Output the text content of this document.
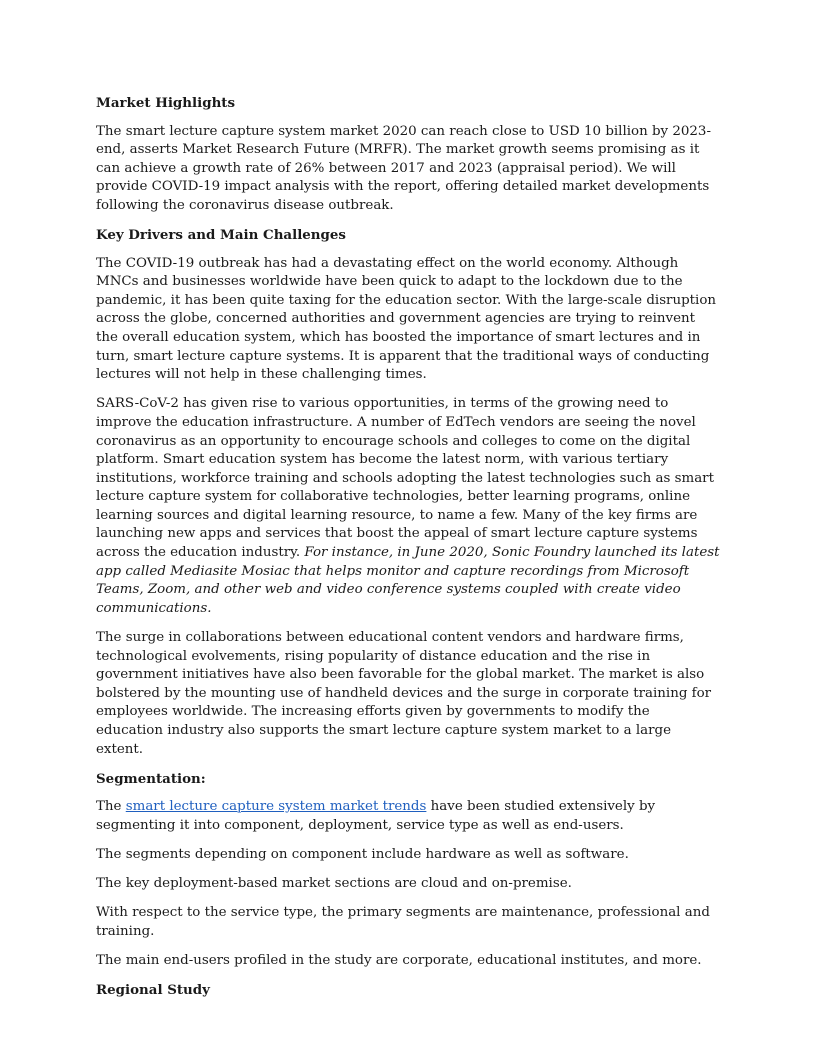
Market Highlights

The smart lecture capture system market 2020 can reach close to USD 10 billion by 2023-end, asserts Market Research Future (MRFR). The market growth seems promising as it can achieve a growth rate of 26% between 2017 and 2023 (appraisal period). We will provide COVID-19 impact analysis with the report, offering detailed market developments following the coronavirus disease outbreak.

Key Drivers and Main Challenges

The COVID-19 outbreak has had a devastating effect on the world economy. Although MNCs and businesses worldwide have been quick to adapt to the lockdown due to the pandemic, it has been quite taxing for the education sector. With the large-scale disruption across the globe, concerned authorities and government agencies are trying to reinvent the overall education system, which has boosted the importance of smart lectures and in turn, smart lecture capture systems. It is apparent that the traditional ways of conducting lectures will not help in these challenging times.

SARS-CoV-2 has given rise to various opportunities, in terms of the growing need to improve the education infrastructure. A number of EdTech vendors are seeing the novel coronavirus as an opportunity to encourage schools and colleges to come on the digital platform. Smart education system has become the latest norm, with various tertiary institutions, workforce training and schools adopting the latest technologies such as smart lecture capture system for collaborative technologies, better learning programs, online learning sources and digital learning resource, to name a few. Many of the key firms are launching new apps and services that boost the appeal of smart lecture capture systems across the education industry. For instance, in June 2020, Sonic Foundry launched its latest app called Mediasite Mosiac that helps monitor and capture recordings from Microsoft Teams, Zoom, and other web and video conference systems coupled with create video communications.

The surge in collaborations between educational content vendors and hardware firms, technological evolvements, rising popularity of distance education and the rise in government initiatives have also been favorable for the global market. The market is also bolstered by the mounting use of handheld devices and the surge in corporate training for employees worldwide. The increasing efforts given by governments to modify the education industry also supports the smart lecture capture system market to a large extent.

Segmentation:

The smart lecture capture system market trends have been studied extensively by segmenting it into component, deployment, service type as well as end-users.

The segments depending on component include hardware as well as software.

The key deployment-based market sections are cloud and on-premise.

With respect to the service type, the primary segments are maintenance, professional and training.

The main end-users profiled in the study are corporate, educational institutes, and more.

Regional Study
